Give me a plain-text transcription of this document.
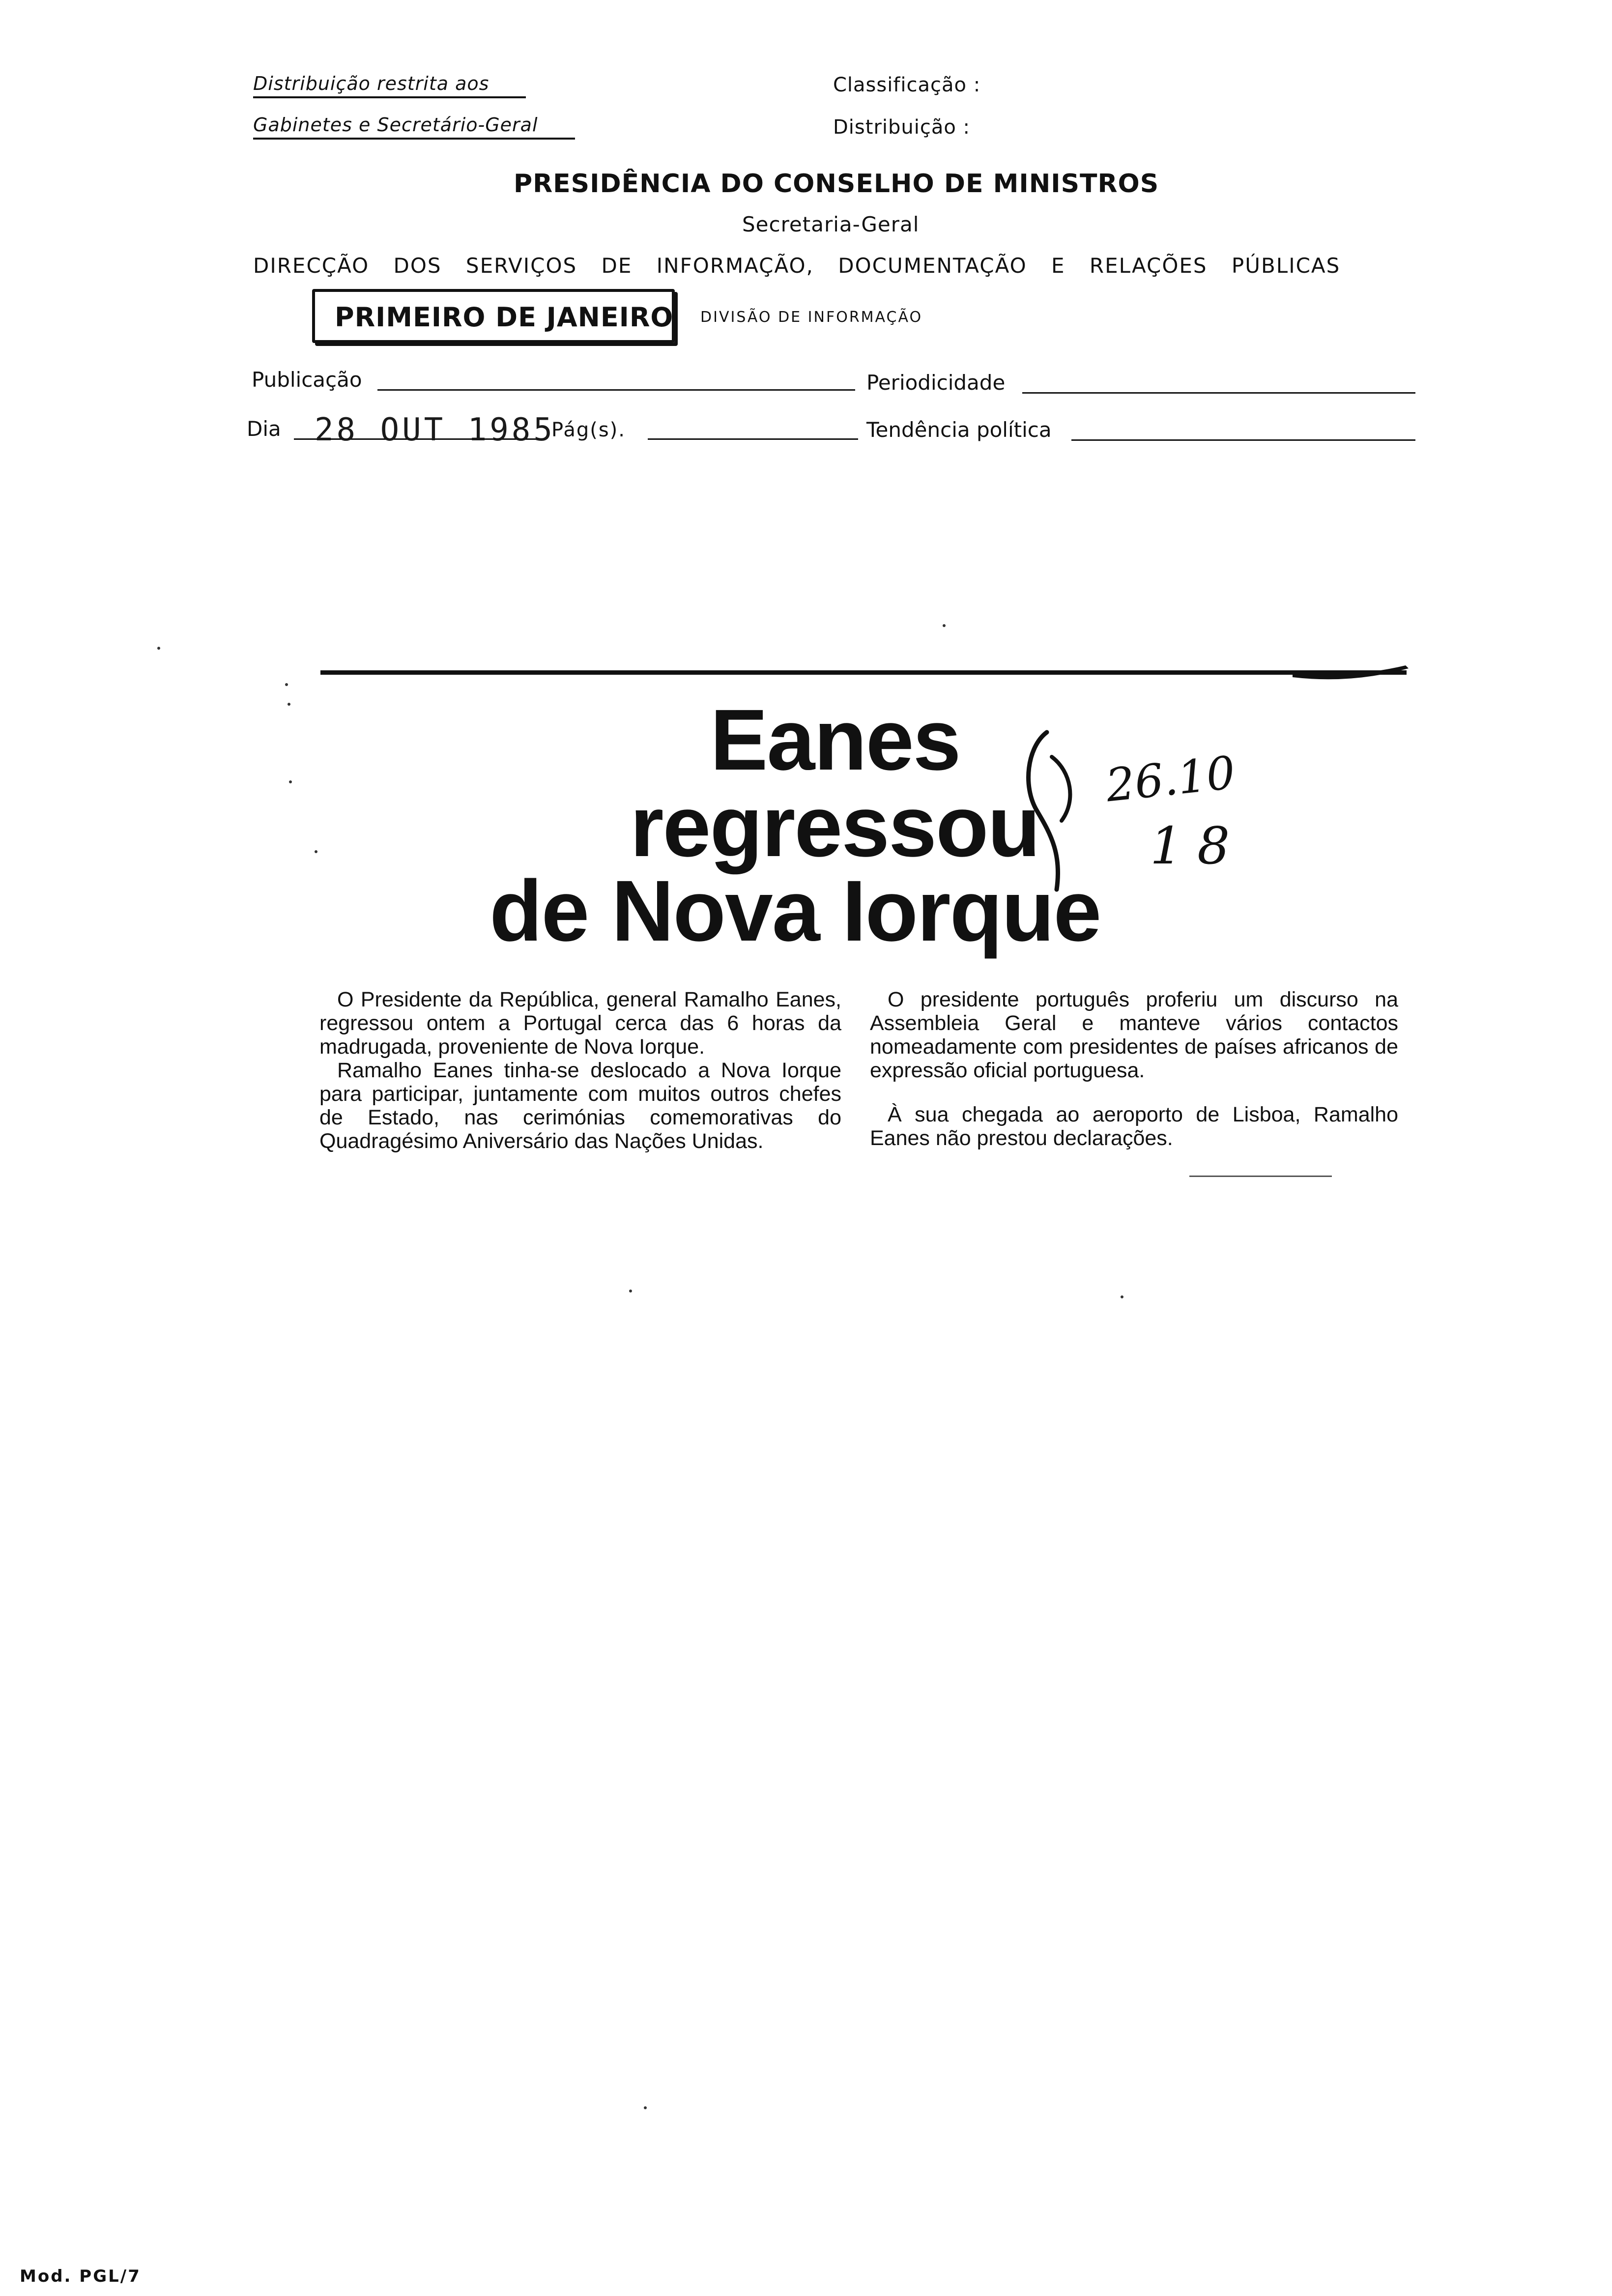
Distribuição restrita aos
Gabinetes e Secretário-Geral
Classificação :
Distribuição :
PRESIDÊNCIA DO CONSELHO DE MINISTROS
Secretaria-Geral
DIRECÇÃO DOS SERVIÇOS DE INFORMAÇÃO, DOCUMENTAÇÃO E RELAÇÕES PÚBLICAS
PRIMEIRO DE JANEIRO DIVISÃO DE INFORMAÇÃO
Publicação	Periodicidade
Dia 28 OUT 1985
Pág(s).	Tendência política
Eanes
regressou
de Nova Iorque
26.10
18

O Presidente da República, general Ramalho Eanes, regressou ontem a Portugal cerca das 6 horas da madrugada, proveniente de Nova Iorque.

Ramalho Eanes tinha-se deslocado a Nova Iorque para participar, juntamente com muitos outros chefes de Estado, nas cerimónias comemorativas do Quadragésimo Aniversário das Nações Unidas.

O presidente português proferiu um discurso na Assembleia Geral e manteve vários contactos nomeadamente com presidentes de países africanos de expressão oficial portuguesa.

À sua chegada ao aeroporto de Lisboa, Ramalho Eanes não prestou declarações.

Mod. PGL/7
